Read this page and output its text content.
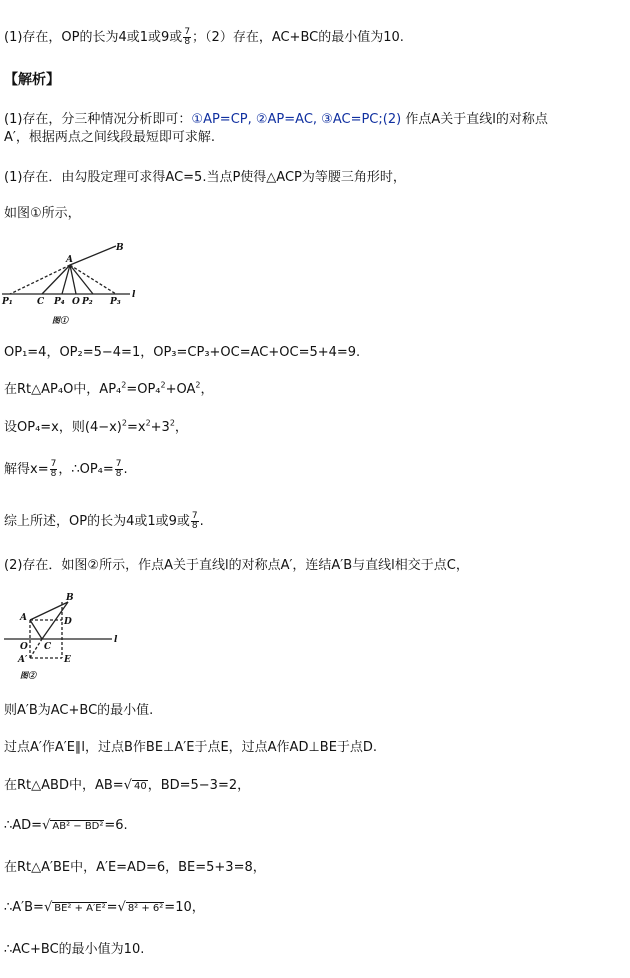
(1)存在，OP的长为4或1或9或 $\frac{7}{8}$ ；（2）存在，AC+BC的最小值为10.
【解析】
(1)存在，分三种情况分析即可：①AP=CP, ②AP=AC, ③AC=PC;(2) 作点A关于直线l的对称点
A′，根据两点之间线段最短即可求解.
(1)存在．由勾股定理可求得AC=5.当点P使得△ACP为等腰三角形时，
如图①所示，
B
A
l
P₁	C P₄ O P₂ P₃
图①
OP₁=4，OP₂=5−4=1，OP₃=CP₃+OC=AC+OC=5+4=9.
在Rt△AP₄O中，$AP_4^2=OP_4^2+OA^2$，
设OP₄=x，则$(4-x)^2=x^2+3^2$，
解得$x= \frac{7}{8}$ ，∴OP₄= $\frac{7}{8}$ .
综上所述，OP的长为4或1或9或 $\frac{7}{8}$ .
(2)存在．如图②所示，作点A关于直线l的对称点A′，连结A′B与直线l相交于点C，
B
A	D
l
O C
A′	E
图②
则A′B为AC+BC的最小值.
过点A′作A′E∥l，过点B作BE⊥A′E于点E，过点A作AD⊥BE于点D.
在Rt△ABD中，AB=√ 40，BD=5−3=2，
∴AD=√ AB² − BD²=6.
在Rt△A′BE中，A′E=AD=6，BE=5+3=8，
∴A′B=√ BE² + A′E²=√ 8² + 6²=10，
∴AC+BC的最小值为10.
